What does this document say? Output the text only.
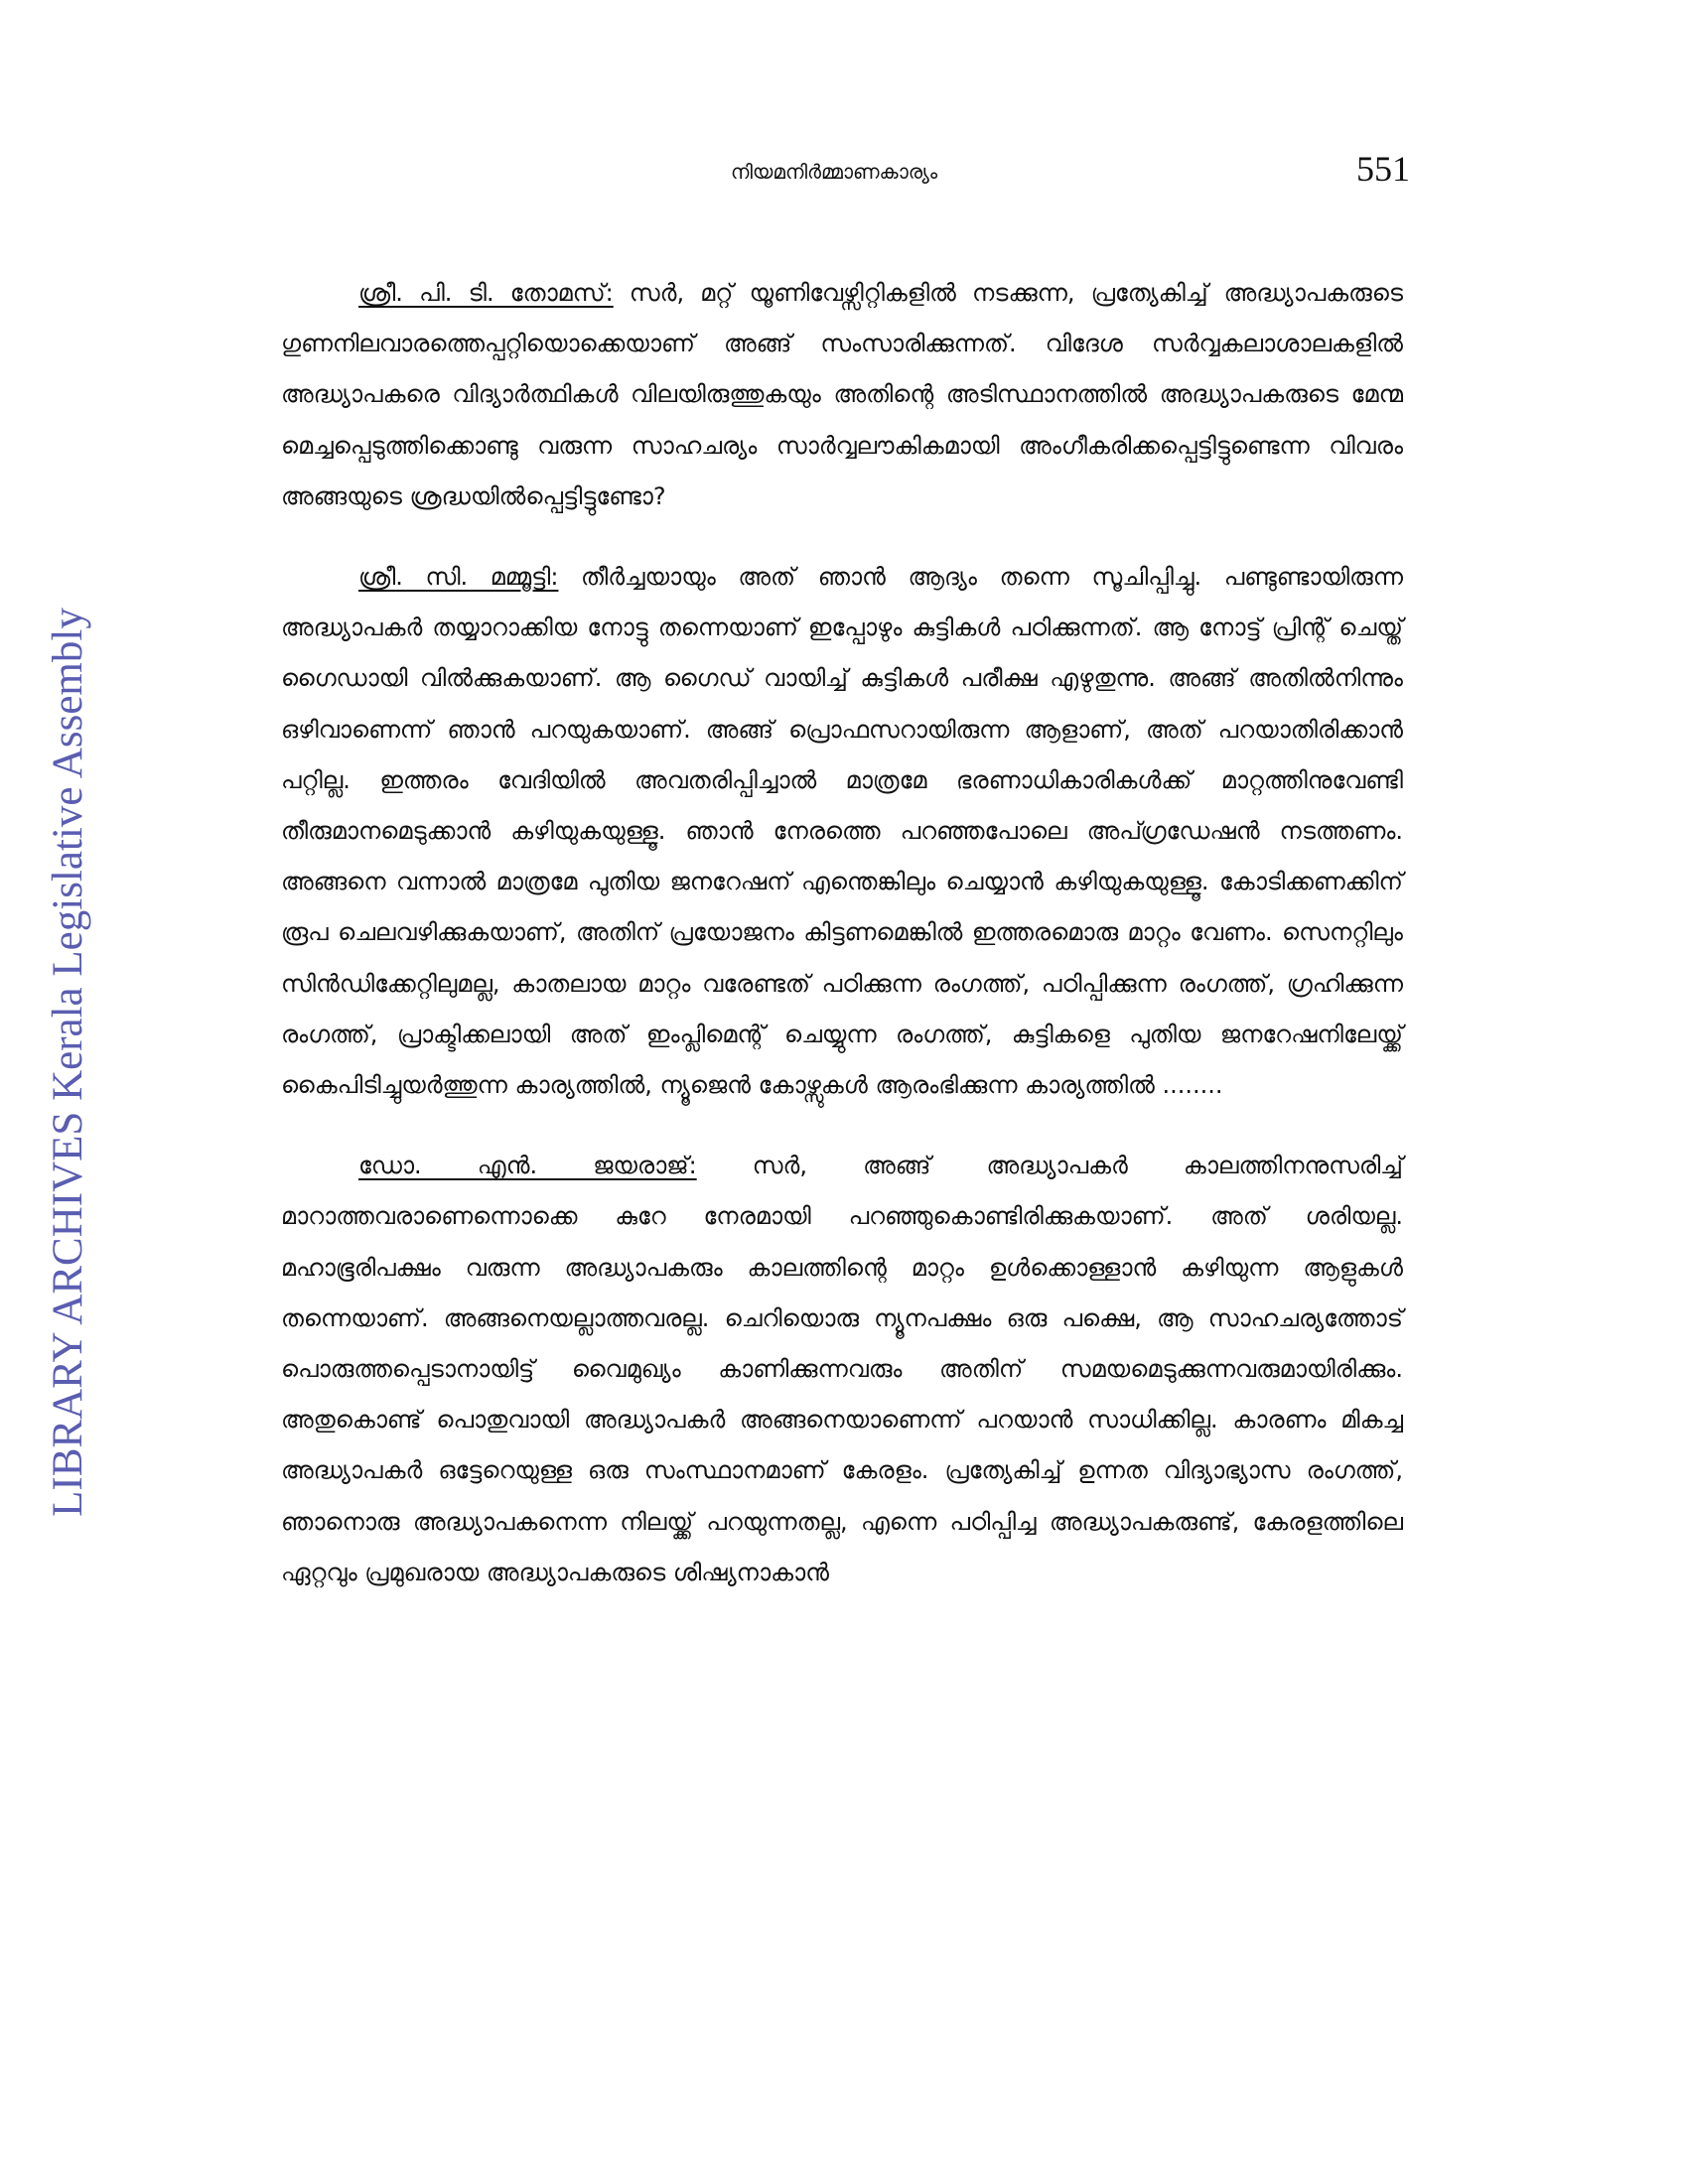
LIBRARY ARCHIVES Kerala Legislative Assembly
നിയമനിർമ്മാണകാര്യം	551

ശ്രീ. പി. ടി. തോമസ്: സർ, മറ്റ് യൂണിവേഴ്സിറ്റികളിൽ നടക്കുന്ന, പ്രത്യേകിച്ച് അദ്ധ്യാപകരുടെ ഗുണനിലവാരത്തെപ്പറ്റിയൊക്കെയാണ് അങ്ങ് സംസാരിക്കുന്നത്. വിദേശ സർവ്വകലാശാലകളിൽ അദ്ധ്യാപകരെ വിദ്യാർത്ഥികൾ വിലയിരുത്തുകയും അതിന്റെ അടിസ്ഥാനത്തിൽ അദ്ധ്യാപകരുടെ മേന്മ മെച്ചപ്പെടുത്തിക്കൊണ്ടു വരുന്ന സാഹചര്യം സാർവ്വലൗകികമായി അംഗീകരിക്കപ്പെട്ടിട്ടുണ്ടെന്ന വിവരം അങ്ങയുടെ ശ്രദ്ധയിൽപ്പെട്ടിട്ടുണ്ടോ?

ശ്രീ. സി. മമ്മൂട്ടി: തീർച്ചയായും അത് ഞാൻ ആദ്യം തന്നെ സൂചിപ്പിച്ചു. പണ്ടുണ്ടായിരുന്ന അദ്ധ്യാപകർ തയ്യാറാക്കിയ നോട്ടു തന്നെയാണ് ഇപ്പോഴും കുട്ടികൾ പഠിക്കുന്നത്. ആ നോട്ട് പ്രിന്റ് ചെയ്ത് ഗൈഡായി വിൽക്കുകയാണ്. ആ ഗൈഡ് വായിച്ച് കുട്ടികൾ പരീക്ഷ എഴുതുന്നു. അങ്ങ് അതിൽനിന്നും ഒഴിവാണെന്ന് ഞാൻ പറയുകയാണ്. അങ്ങ് പ്രൊഫസറായിരുന്ന ആളാണ്, അത് പറയാതിരിക്കാൻ പറ്റില്ല. ഇത്തരം വേദിയിൽ അവതരിപ്പിച്ചാൽ മാത്രമേ ഭരണാധികാരികൾക്ക് മാറ്റത്തിനുവേണ്ടി തീരുമാനമെടുക്കാൻ കഴിയുകയുള്ളൂ. ഞാൻ നേരത്തെ പറഞ്ഞപോലെ അപ്ഗ്രഡേഷൻ നടത്തണം. അങ്ങനെ വന്നാൽ മാത്രമേ പുതിയ ജനറേഷന് എന്തെങ്കിലും ചെയ്യാൻ കഴിയുകയുള്ളൂ. കോടിക്കണക്കിന് രൂപ ചെലവഴിക്കുകയാണ്, അതിന് പ്രയോജനം കിട്ടണമെങ്കിൽ ഇത്തരമൊരു മാറ്റം വേണം. സെനറ്റിലും സിൻഡിക്കേറ്റിലുമല്ല, കാതലായ മാറ്റം വരേണ്ടത് പഠിക്കുന്ന രംഗത്ത്, പഠിപ്പിക്കുന്ന രംഗത്ത്, ഗ്രഹിക്കുന്ന രംഗത്ത്, പ്രാക്ടിക്കലായി അത് ഇംപ്ലിമെന്റ് ചെയ്യുന്ന രംഗത്ത്, കുട്ടികളെ പുതിയ ജനറേഷനിലേയ്ക്ക് കൈപിടിച്ചുയർത്തുന്ന കാര്യത്തിൽ, ന്യൂജെൻ കോഴ്സുകൾ ആരംഭിക്കുന്ന കാര്യത്തിൽ ........

ഡോ. എൻ. ജയരാജ്: സർ, അങ്ങ് അദ്ധ്യാപകർ കാലത്തിനനുസരിച്ച് മാറാത്തവരാണെന്നൊക്കെ കുറേ നേരമായി പറഞ്ഞുകൊണ്ടിരിക്കുകയാണ്. അത് ശരിയല്ല. മഹാഭൂരിപക്ഷം വരുന്ന അദ്ധ്യാപകരും കാലത്തിന്റെ മാറ്റം ഉൾക്കൊള്ളാൻ കഴിയുന്ന ആളുകൾ തന്നെയാണ്. അങ്ങനെയല്ലാത്തവരല്ല. ചെറിയൊരു ന്യൂനപക്ഷം ഒരു പക്ഷെ, ആ സാഹചര്യത്തോട് പൊരുത്തപ്പെടാനായിട്ട് വൈമുഖ്യം കാണിക്കുന്നവരും അതിന് സമയമെടുക്കുന്നവരുമായിരിക്കും. അതുകൊണ്ട് പൊതുവായി അദ്ധ്യാപകർ അങ്ങനെയാണെന്ന് പറയാൻ സാധിക്കില്ല. കാരണം മികച്ച അദ്ധ്യാപകർ ഒട്ടേറെയുള്ള ഒരു സംസ്ഥാനമാണ് കേരളം. പ്രത്യേകിച്ച് ഉന്നത വിദ്യാഭ്യാസ രംഗത്ത്, ഞാനൊരു അദ്ധ്യാപകനെന്ന നിലയ്ക്ക് പറയുന്നതല്ല, എന്നെ പഠിപ്പിച്ച അദ്ധ്യാപകരുണ്ട്, കേരളത്തിലെ ഏറ്റവും പ്രമുഖരായ അദ്ധ്യാപകരുടെ ശിഷ്യനാകാൻ
